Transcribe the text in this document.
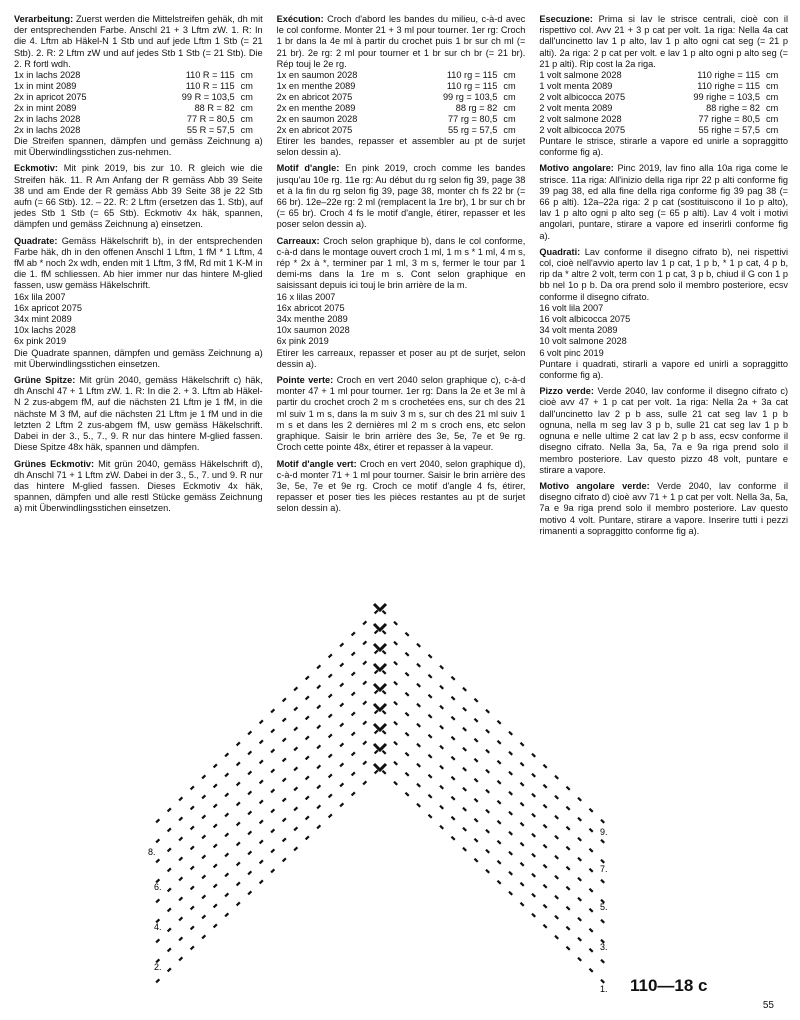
Verarbeitung: Zuerst werden die Mittelstreifen gehäk, dh mit der entsprechenden Farbe. Anschl 21 + 3 Lftm zW. 1. R: In die 4. Lftm ab Häkel-N 1 Stb und auf jede Lftm 1 Stb (= 21 Stb). 2. R: 2 Lftm zW und auf jedes Stb 1 Stb (= 21 Stb). Die 2. R fortl wdh.
1x in lachs 2028	110 R = 115	cm
1x in mint 2089	110 R = 115	cm
2x in apricot 2075	99 R = 103,5	cm
2x in mint 2089	88 R = 82	cm
2x in lachs 2028	77 R = 80,5	cm
2x in lachs 2028	55 R = 57,5	cm
Die Streifen spannen, dämpfen und gemäss Zeichnung a) mit Überwindlingsstichen zus-nehmen.
Eckmotiv: Mit pink 2019, bis zur 10. R gleich wie die Streifen häk. 11. R Am Anfang der R gemäss Abb 39 Seite 38 und am Ende der R gemäss Abb 39 Seite 38 je 22 Stb aufn (= 66 Stb). 12. – 22. R: 2 Lftm (ersetzen das 1. Stb), auf jedes Stb 1 Stb (= 65 Stb). Eckmotiv 4x häk, spannen, dämpfen und gemäss Zeichnung a) einsetzen.
Quadrate: Gemäss Häkelschrift b), in der entsprechenden Farbe häk, dh in den offenen Anschl 1 Lftm, 1 fM * 1 Lftm, 4 fM ab * noch 2x wdh, enden mit 1 Lftm, 3 fM, Rd mit 1 K-M in die 1. fM schliessen. Ab hier immer nur das hintere M-glied fassen, usw gemäss Häkelschrift.
16x lila 2007
16x apricot 2075
34x mint 2089
10x lachs 2028
6x pink 2019
Die Quadrate spannen, dämpfen und gemäss Zeichnung a) mit Überwindlingsstichen einsetzen.
Grüne Spitze: Mit grün 2040, gemäss Häkelschrift c) häk, dh Anschl 47 + 1 Lftm zW. 1. R: In die 2. + 3. Lftm ab Häkel-N 2 zus-abgem fM, auf die nächsten 21 Lftm je 1 fM, in die nächste M 3 fM, auf die nächsten 21 Lftm je 1 fM und in die letzten 2 Lftm 2 zus-abgem fM, usw gemäss Häkelschrift. Dabei in der 3., 5., 7., 9. R nur das hintere M-glied fassen. Diese Spitze 48x häk, spannen und dämpfen.
Grünes Eckmotiv: Mit grün 2040, gemäss Häkelschrift d), dh Anschl 71 + 1 Lftm zW. Dabei in der 3., 5., 7. und 9. R nur das hintere M-glied fassen. Dieses Eckmotiv 4x häk, spannen, dämpfen und alle restl Stücke gemäss Zeichnung a) mit Überwindlingsstichen einsetzen.
Exécution: Croch d'abord les bandes du milieu, c-à-d avec le col conforme. Monter 21 + 3 ml pour tourner. 1er rg: Croch 1 br dans la 4e ml à partir du crochet puis 1 br sur ch ml (= 21 br). 2e rg: 2 ml pour tourner et 1 br sur ch br (= 21 br). Rép touj le 2e rg.
1x en saumon 2028	110 rg = 115	cm
1x en menthe 2089	110 rg = 115	cm
2x en abricot 2075	99 rg = 103,5	cm
2x en menthe 2089	88 rg = 82	cm
2x en saumon 2028	77 rg = 80,5	cm
2x en abricot 2075	55 rg = 57,5	cm
Etirer les bandes, repasser et assembler au pt de surjet selon dessin a).
Motif d'angle: En pink 2019, croch comme les bandes jusqu'au 10e rg. 11e rg: Au début du rg selon fig 39, page 38 et à la fin du rg selon fig 39, page 38, monter ch fs 22 br (= 66 br). 12e–22e rg: 2 ml (remplacent la 1re br), 1 br sur ch br (= 65 br). Croch 4 fs le motif d'angle, étirer, repasser et les poser selon dessin a).
Carreaux: Croch selon graphique b), dans le col conforme, c-à-d dans le montage ouvert croch 1 ml, 1 m s * 1 ml, 4 m s, rép * 2x à *, terminer par 1 ml, 3 m s, fermer le tour par 1 demi-ms dans la 1re m s. Cont selon graphique en saisissant depuis ici touj le brin arrière de la m.
16 x lilas 2007
16x abricot 2075
34x menthe 2089
10x saumon 2028
6x pink 2019
Etirer les carreaux, repasser et poser au pt de surjet, selon dessin a).
Pointe verte: Croch en vert 2040 selon graphique c), c-à-d monter 47 + 1 ml pour tourner. 1er rg: Dans la 2e et 3e ml à partir du crochet croch 2 m s crochetées ens, sur ch des 21 ml suiv 1 m s, dans la m suiv 3 m s, sur ch des 21 ml suiv 1 m s et dans les 2 dernières ml 2 m s croch ens, etc selon graphique. Saisir le brin arrière des 3e, 5e, 7e et 9e rg. Croch cette pointe 48x, étirer et repasser à la vapeur.
Motif d'angle vert: Croch en vert 2040, selon graphique d), c-à-d monter 71 + 1 ml pour tourner. Saisir le brin arrière des 3e, 5e, 7e et 9e rg. Croch ce motif d'angle 4 fs, étirer, repasser et poser ties les pièces restantes au pt de surjet selon dessin a).
Esecuzione: Prima si lav le strisce centrali, cioè con il rispettivo col. Avv 21 + 3 p cat per volt. 1a riga: Nella 4a cat dall'uncinetto lav 1 p alto, lav 1 p alto ogni cat seg (= 21 p alti). 2a riga: 2 p cat per volt. e lav 1 p alto ogni p alto seg (= 21 p alti). Rip cost la 2a riga.
1 volt salmone 2028	110 righe = 115	cm
1 volt menta 2089	110 righe = 115	cm
2 volt albicocca 2075	99 righe = 103,5	cm
2 volt menta 2089	88 righe = 82	cm
2 volt salmone 2028	77 righe = 80,5	cm
2 volt albicocca 2075	55 righe = 57,5	cm
Puntare le strisce, stirarle a vapore ed unirle a sopraggitto conforme fig a).
Motivo angolare: Pinc 2019, lav fino alla 10a riga come le strisce. 11a riga: All'inizio della riga ripr 22 p alti conforme fig 39 pag 38, ed alla fine della riga conforme fig 39 pag 38 (= 66 p alti). 12a–22a riga: 2 p cat (sostituiscono il 1o p alto), lav 1 p alto ogni p alto seg (= 65 p alti). Lav 4 volt i motivi angolari, puntare, stirare a vapore ed inserirli conforme fig a).
Quadrati: Lav conforme il disegno cifrato b), nei rispettivi col, cioè nell'avvio aperto lav 1 p cat, 1 p b, * 1 p cat, 4 p b, rip da * altre 2 volt, term con 1 p cat, 3 p b, chiud il G con 1 p bb nel 1o p b. Da ora prend solo il membro posteriore, ecsv conforme il disegno cifrato.
16 volt lila 2007
16 volt albicocca 2075
34 volt menta 2089
10 volt salmone 2028
6 volt pinc 2019
Puntare i quadrati, stirarli a vapore ed unirli a sopraggitto conforme fig a).
Pizzo verde: Verde 2040, lav conforme il disegno cifrato c) cioè avv 47 + 1 p cat per volt. 1a riga: Nella 2a + 3a cat dall'uncinetto lav 2 p b ass, sulle 21 cat seg lav 1 p b ognuna, nella m seg lav 3 p b, sulle 21 cat seg lav 1 p b ognuna e nelle ultime 2 cat lav 2 p b ass, ecsv conforme il disegno cifrato. Nella 3a, 5a, 7a e 9a riga prend solo il membro posteriore. Lav questo pizzo 48 volt, puntare e stirare a vapore.
Motivo angolare verde: Verde 2040, lav conforme il disegno cifrato d) cioè avv 71 + 1 p cat per volt. Nella 3a, 5a, 7a e 9a riga prend solo il membro posteriore. Lav questo motivo 4 volt. Puntare, stirare a vapore. Inserire tutti i pezzi rimanenti a sopraggitto conforme fig a).
8.
6.
4.
2.
9.
7.
5.
3.
1. 110—18 c
55
